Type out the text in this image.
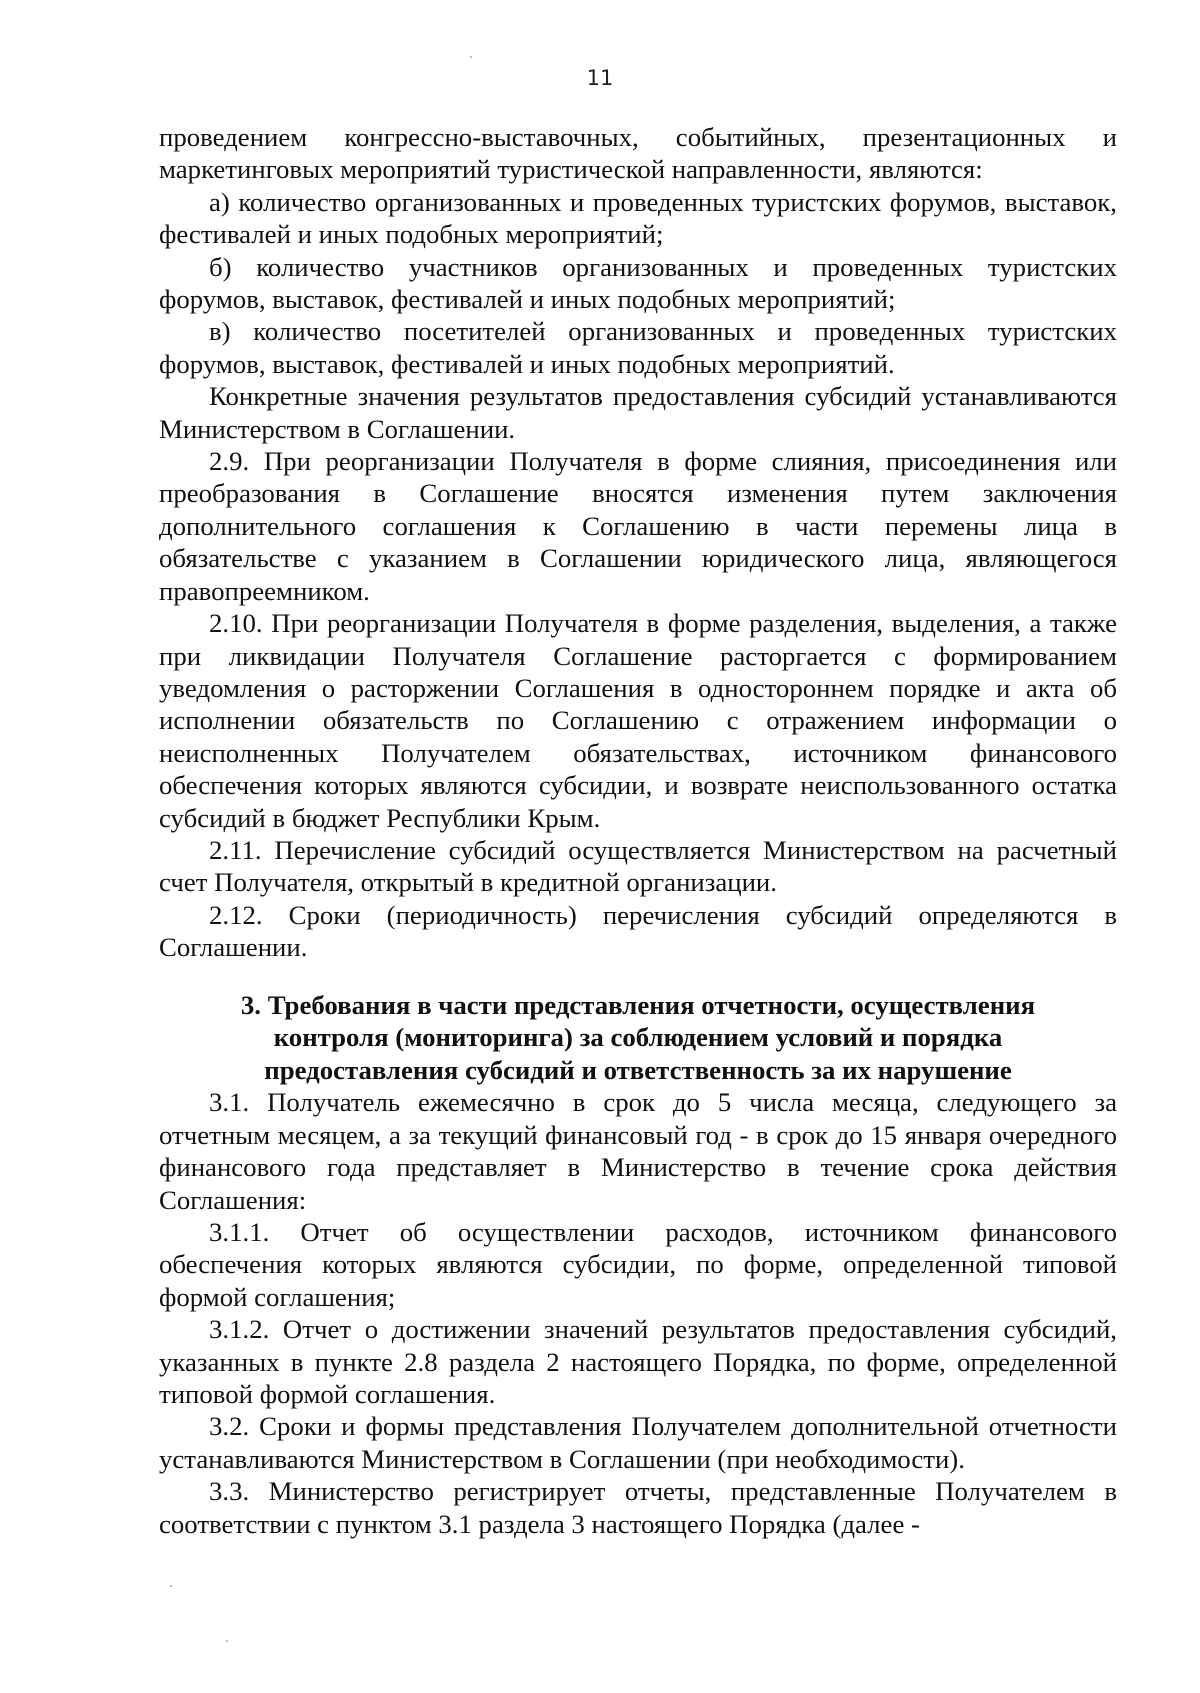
11

проведением конгрессно-выставочных, событийных, презентационных и маркетинговых мероприятий туристической направленности, являются:

а) количество организованных и проведенных туристских форумов, выставок, фестивалей и иных подобных мероприятий;

б) количество участников организованных и проведенных туристских форумов, выставок, фестивалей и иных подобных мероприятий;

в) количество посетителей организованных и проведенных туристских форумов, выставок, фестивалей и иных подобных мероприятий.

Конкретные значения результатов предоставления субсидий устанавливаются Министерством в Соглашении.

2.9. При реорганизации Получателя в форме слияния, присоединения или преобразования в Соглашение вносятся изменения путем заключения дополнительного соглашения к Соглашению в части перемены лица в обязательстве с указанием в Соглашении юридического лица, являющегося правопреемником.

2.10. При реорганизации Получателя в форме разделения, выделения, а также при ликвидации Получателя Соглашение расторгается с формированием уведомления о расторжении Соглашения в одностороннем порядке и акта об исполнении обязательств по Соглашению с отражением информации о неисполненных Получателем обязательствах, источником финансового обеспечения которых являются субсидии, и возврате неиспользованного остатка субсидий в бюджет Республики Крым.

2.11. Перечисление субсидий осуществляется Министерством на расчетный счет Получателя, открытый в кредитной организации.

2.12. Сроки (периодичность) перечисления субсидий определяются в Соглашении.

3. Требования в части представления отчетности, осуществления контроля (мониторинга) за соблюдением условий и порядка предоставления субсидий и ответственность за их нарушение

3.1. Получатель ежемесячно в срок до 5 числа месяца, следующего за отчетным месяцем, а за текущий финансовый год - в срок до 15 января очередного финансового года представляет в Министерство в течение срока действия Соглашения:

3.1.1. Отчет об осуществлении расходов, источником финансового обеспечения которых являются субсидии, по форме, определенной типовой формой соглашения;

3.1.2. Отчет о достижении значений результатов предоставления субсидий, указанных в пункте 2.8 раздела 2 настоящего Порядка, по форме, определенной типовой формой соглашения.

3.2. Сроки и формы представления Получателем дополнительной отчетности устанавливаются Министерством в Соглашении (при необходимости).

3.3. Министерство регистрирует отчеты, представленные Получателем в соответствии с пунктом 3.1 раздела 3 настоящего Порядка (далее -
